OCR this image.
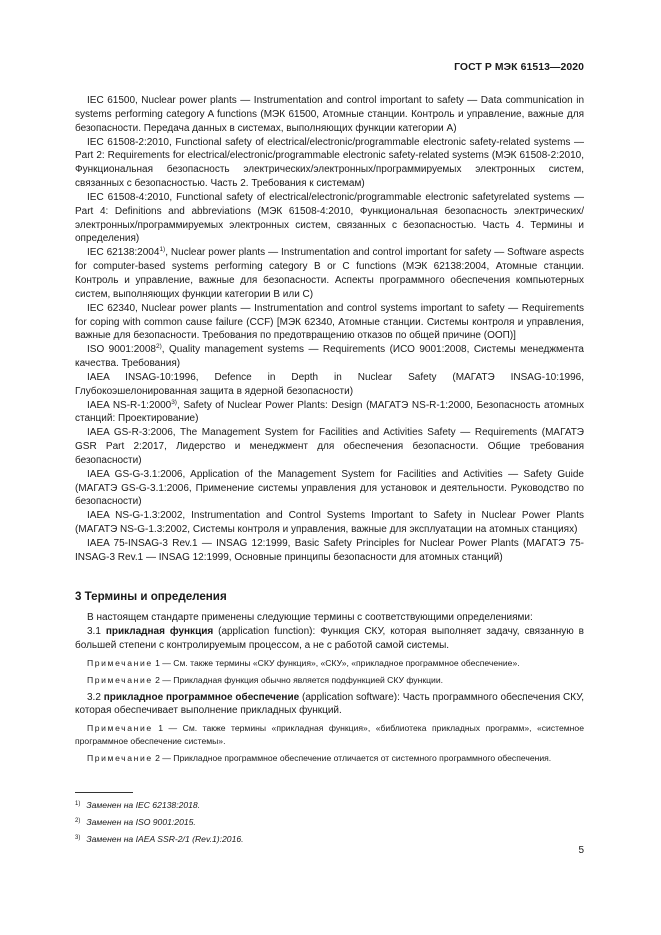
ГОСТ Р МЭК 61513—2020

IEC 61500, Nuclear power plants — Instrumentation and control important to safety — Data communication in systems performing category A functions (МЭК 61500, Атомные станции. Контроль и управление, важные для безопасности. Передача данных в системах, выполняющих функции категории А)

IEC 61508-2:2010, Functional safety of electrical/electronic/programmable electronic safety-related systems — Part 2: Requirements for electrical/electronic/programmable electronic safety-related systems (МЭК 61508-2:2010, Функциональная безопасность электрических/электронных/программируемых электронных систем, связанных с безопасностью. Часть 2. Требования к системам)

IEC 61508-4:2010, Functional safety of electrical/electronic/programmable electronic safetyrelated systems — Part 4: Definitions and abbreviations (МЭК 61508-4:2010, Функциональная безопасность электрических/электронных/программируемых электронных систем, связанных с безопасностью. Часть 4. Термины и определения)

IEC 62138:2004$^{1)}$, Nuclear power plants — Instrumentation and control important for safety — Software aspects for computer-based systems performing category B or C functions (МЭК 62138:2004, Атомные станции. Контроль и управление, важные для безопасности. Аспекты программного обеспечения компьютерных систем, выполняющих функции категории В или С)

IEC 62340, Nuclear power plants — Instrumentation and control systems important to safety — Requirements for coping with common cause failure (CCF) [МЭК 62340, Атомные станции. Системы контроля и управления, важные для безопасности. Требования по предотвращению отказов по общей причине (ООП)]

ISO 9001:2008$^{2)}$, Quality management systems — Requirements (ИСО 9001:2008, Системы менеджмента качества. Требования)

IAEA INSAG-10:1996, Defence in Depth in Nuclear Safety (МАГАТЭ INSAG-10:1996, Глубокоэшелонированная защита в ядерной безопасности)

IAEA NS-R-1:2000$^{3)}$, Safety of Nuclear Power Plants: Design (МАГАТЭ NS-R-1:2000, Безопасность атомных станций: Проектирование)

IAEA GS-R-3:2006, The Management System for Facilities and Activities Safety — Requirements (МАГАТЭ GSR Part 2:2017, Лидерство и менеджмент для обеспечения безопасности. Общие требования безопасности)

IAEA GS-G-3.1:2006, Application of the Management System for Facilities and Activities — Safety Guide (МАГАТЭ GS-G-3.1:2006, Применение системы управления для установок и деятельности. Руководство по безопасности)

IAEA NS-G-1.3:2002, Instrumentation and Control Systems Important to Safety in Nuclear Power Plants (МАГАТЭ NS-G-1.3:2002, Системы контроля и управления, важные для эксплуатации на атомных станциях)

IAEA 75-INSAG-3 Rev.1 — INSAG 12:1999, Basic Safety Principles for Nuclear Power Plants (МАГАТЭ 75-INSAG-3 Rev.1 — INSAG 12:1999, Основные принципы безопасности для атомных станций)

3 Термины и определения

В настоящем стандарте применены следующие термины с соответствующими определениями:

3.1 прикладная функция (application function): Функция СКУ, которая выполняет задачу, связанную в большей степени с контролируемым процессом, а не с работой самой системы.

Примечание 1 — См. также термины «СКУ функция», «СКУ», «прикладное программное обеспечение».

Примечание 2 — Прикладная функция обычно является подфункцией СКУ функции.

3.2 прикладное программное обеспечение (application software): Часть программного обеспечения СКУ, которая обеспечивает выполнение прикладных функций.

Примечание 1 — См. также термины «прикладная функция», «библиотека прикладных программ», «системное программное обеспечение системы».

Примечание 2 — Прикладное программное обеспечение отличается от системного программного обеспечения.

$^{1)}$ Заменен на IEC 62138:2018.
$^{2)}$ Заменен на ISO 9001:2015.
$^{3)}$ Заменен на IAEA SSR-2/1 (Rev.1):2016.
5
